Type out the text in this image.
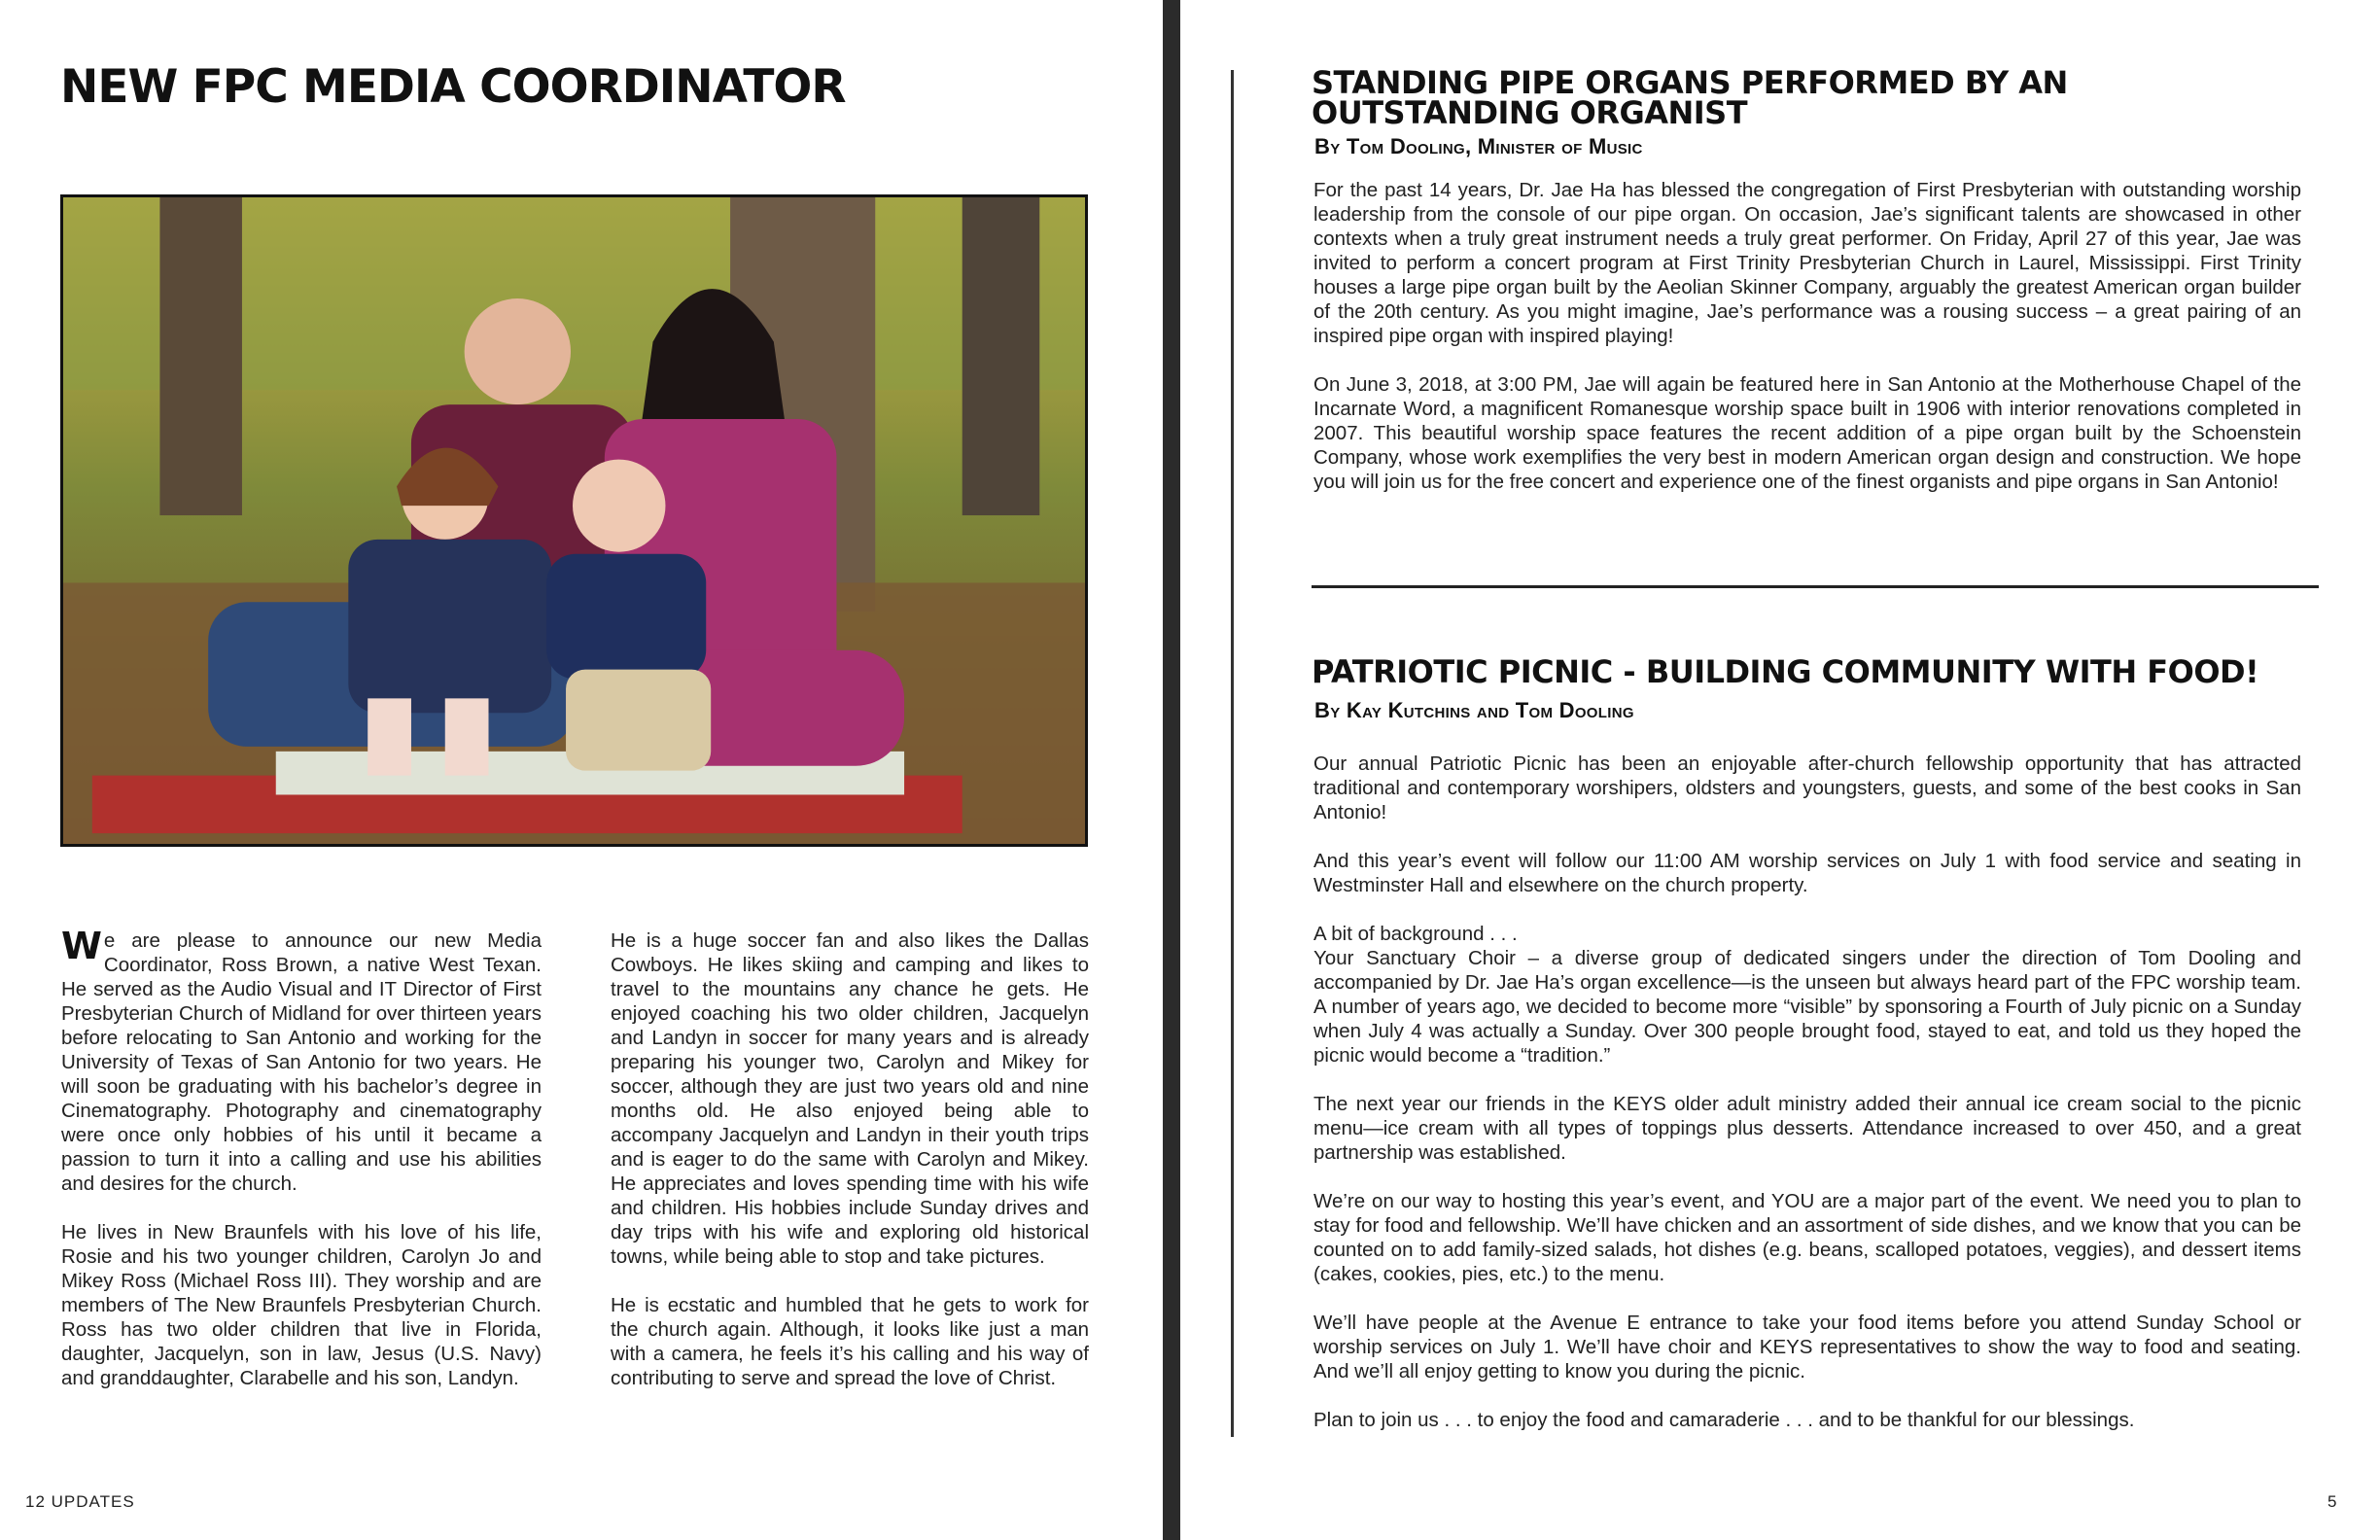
NEW FPC MEDIA COORDINATOR

We are please to announce our new Media Coordinator, Ross Brown, a native West Texan. He served as the Audio Visual and IT Director of First Presbyterian Church of Midland for over thirteen years before relocating to San Antonio and working for the University of Texas of San Antonio for two years. He will soon be graduating with his bachelor’s degree in Cinematography. Photography and cinematography were once only hobbies of his until it became a passion to turn it into a calling and use his abilities and desires for the church.

He lives in New Braunfels with his love of his life, Rosie and his two younger children, Carolyn Jo and Mikey Ross (Michael Ross III). They worship and are members of The New Braunfels Presbyterian Church. Ross has two older children that live in Florida, daughter, Jacquelyn, son in law, Jesus (U.S. Navy) and granddaughter, Clarabelle and his son, Landyn.

He is a huge soccer fan and also likes the Dallas Cowboys. He likes skiing and camping and likes to travel to the mountains any chance he gets. He enjoyed coaching his two older children, Jacquelyn and Landyn in soccer for many years and is already preparing his younger two, Carolyn and Mikey for soccer, although they are just two years old and nine months old. He also enjoyed being able to accompany Jacquelyn and Landyn in their youth trips and is eager to do the same with Carolyn and Mikey. He appreciates and loves spending time with his wife and children. His hobbies include Sunday drives and day trips with his wife and exploring old historical towns, while being able to stop and take pictures.

He is ecstatic and humbled that he gets to work for the church again. Although, it looks like just a man with a camera, he feels it’s his calling and his way of contributing to serve and spread the love of Christ.

12 UPDATES
STANDING PIPE ORGANS PERFORMED BY AN
OUTSTANDING ORGANIST
By Tom Dooling, Minister of Music

For the past 14 years, Dr. Jae Ha has blessed the congregation of First Presbyterian with outstanding worship leadership from the console of our pipe organ. On occasion, Jae’s significant talents are showcased in other contexts when a truly great instrument needs a truly great performer. On Friday, April 27 of this year, Jae was invited to perform a concert program at First Trinity Presbyterian Church in Laurel, Mississippi. First Trinity houses a large pipe organ built by the Aeolian Skinner Company, arguably the greatest American organ builder of the 20th century. As you might imagine, Jae’s performance was a rousing success – a great pairing of an inspired pipe organ with inspired playing!

On June 3, 2018, at 3:00 PM, Jae will again be featured here in San Antonio at the Motherhouse Chapel of the Incarnate Word, a magnificent Romanesque worship space built in 1906 with interior renovations completed in 2007. This beautiful worship space features the recent addition of a pipe organ built by the Schoenstein Company, whose work exemplifies the very best in modern American organ design and construction. We hope you will join us for the free concert and experience one of the finest organists and pipe organs in San Antonio!

PATRIOTIC PICNIC - BUILDING COMMUNITY WITH FOOD!
By Kay Kutchins and Tom Dooling

Our annual Patriotic Picnic has been an enjoyable after-church fellowship opportunity that has attracted traditional and contemporary worshipers, oldsters and youngsters, guests, and some of the best cooks in San Antonio!

And this year’s event will follow our 11:00 AM worship services on July 1 with food service and seating in Westminster Hall and elsewhere on the church property.

A bit of background . . .
Your Sanctuary Choir – a diverse group of dedicated singers under the direction of Tom Dooling and accompanied by Dr. Jae Ha’s organ excellence—is the unseen but always heard part of the FPC worship team. A number of years ago, we decided to become more “visible” by sponsoring a Fourth of July picnic on a Sunday when July 4 was actually a Sunday. Over 300 people brought food, stayed to eat, and told us they hoped the picnic would become a “tradition.”

The next year our friends in the KEYS older adult ministry added their annual ice cream social to the picnic menu—ice cream with all types of toppings plus desserts. Attendance increased to over 450, and a great partnership was established.

We’re on our way to hosting this year’s event, and YOU are a major part of the event. We need you to plan to stay for food and fellowship. We’ll have chicken and an assortment of side dishes, and we know that you can be counted on to add family-sized salads, hot dishes (e.g. beans, scalloped potatoes, veggies), and dessert items (cakes, cookies, pies, etc.) to the menu.

We’ll have people at the Avenue E entrance to take your food items before you attend Sunday School or worship services on July 1. We’ll have choir and KEYS representatives to show the way to food and seating. And we’ll all enjoy getting to know you during the picnic.

Plan to join us . . . to enjoy the food and camaraderie . . . and to be thankful for our blessings.

5
